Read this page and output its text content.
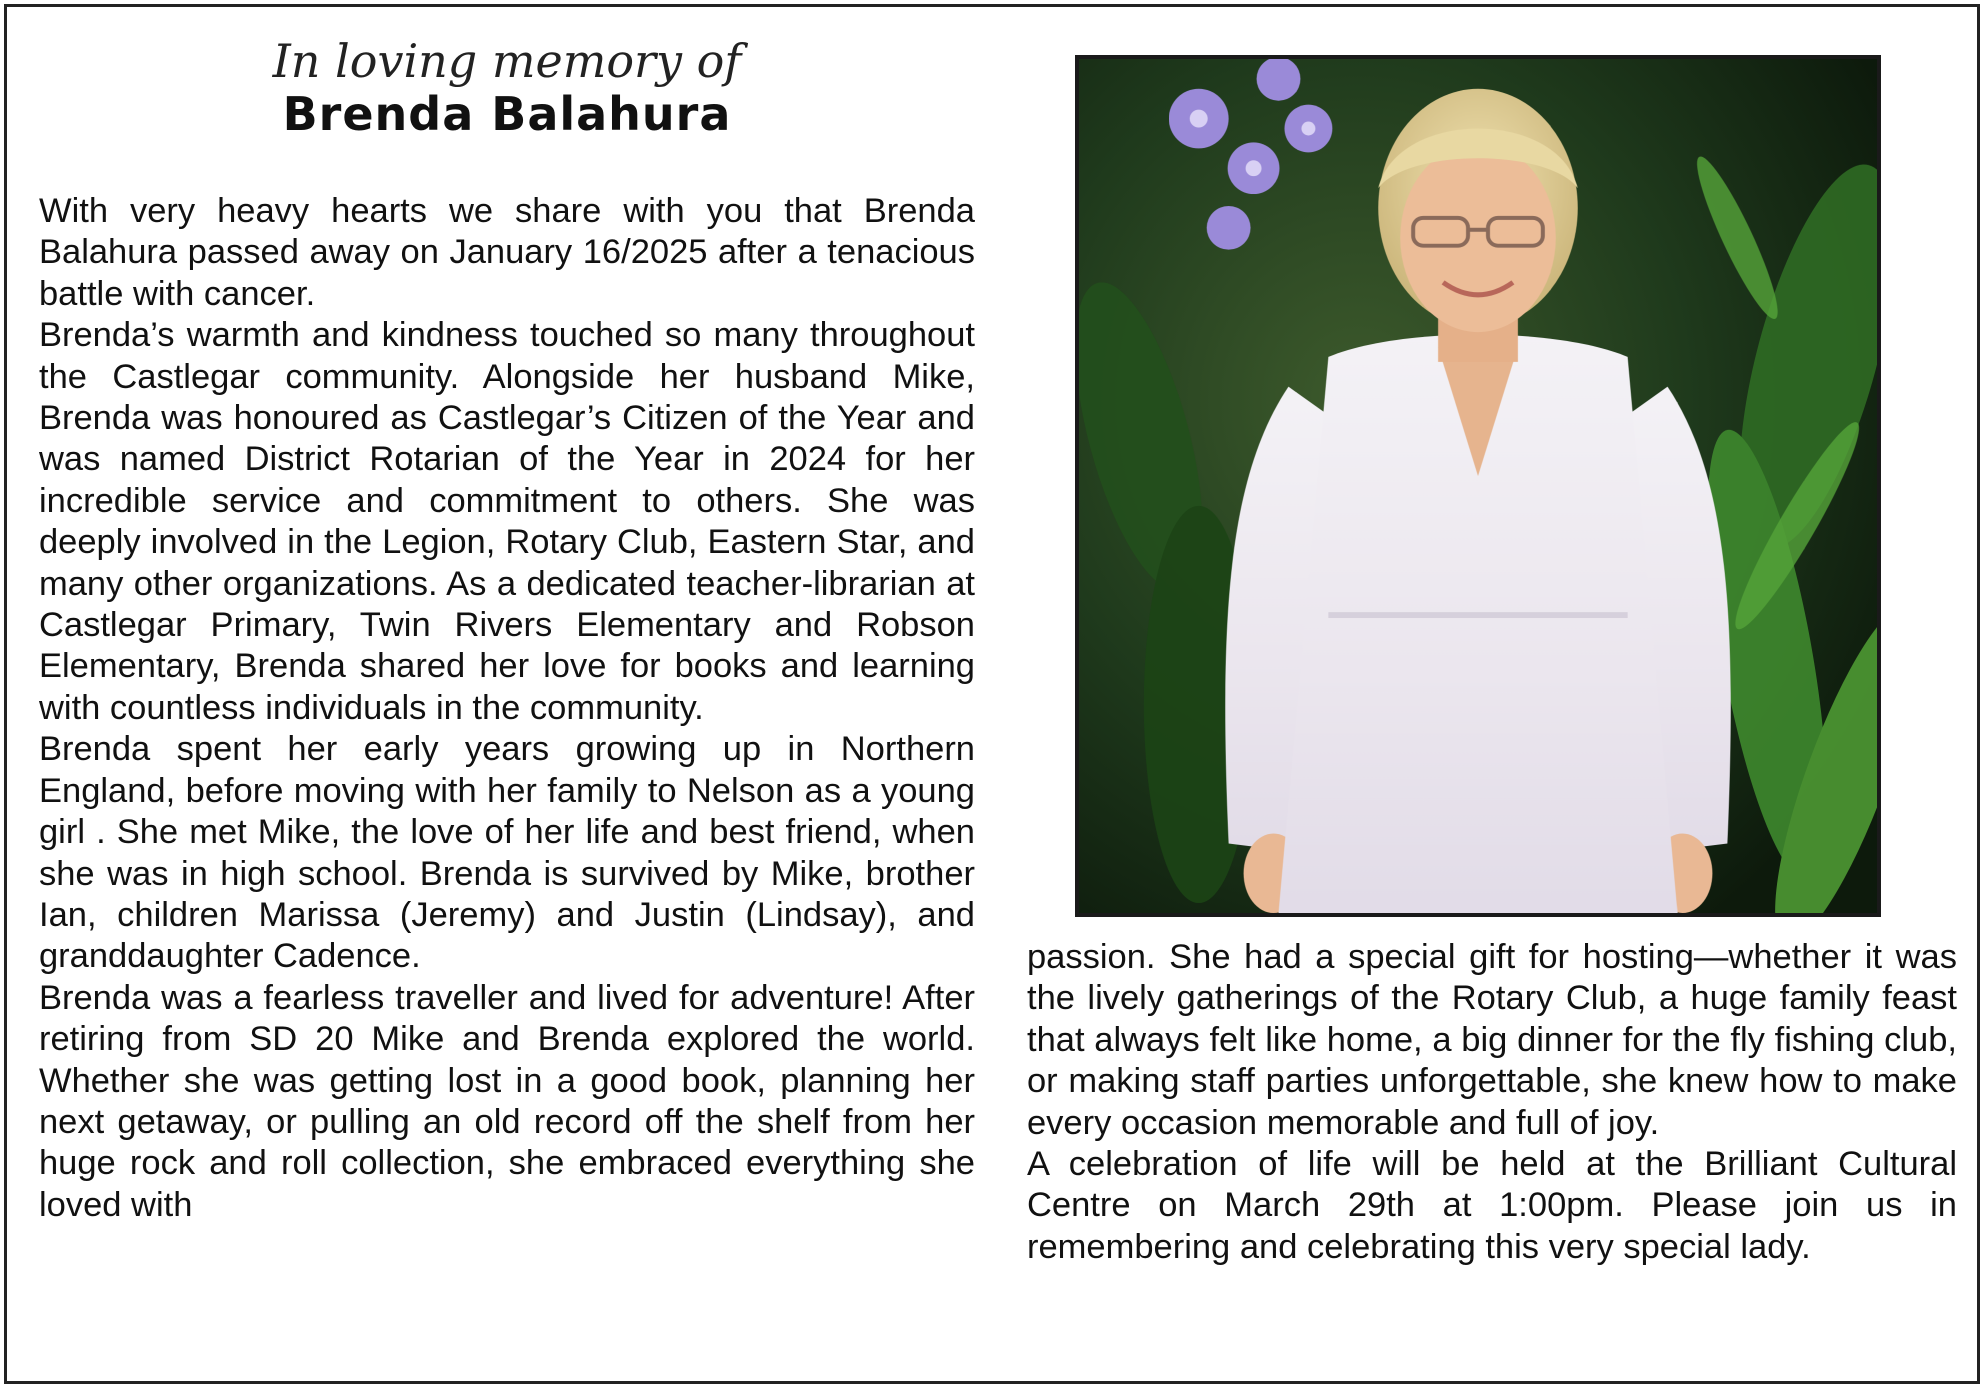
In loving memory of
Brenda Balahura

With very heavy hearts we share with you that Brenda Balahura passed away on January 16/2025 after a tenacious battle with cancer.

Brenda’s warmth and kindness touched so many throughout the Castlegar community. Alongside her husband Mike, Brenda was honoured as Castlegar’s Citizen of the Year and was named District Rotarian of the Year in 2024 for her incredible service and commitment to others. She was deeply involved in the Legion, Rotary Club, Eastern Star, and many other organizations. As a dedicated teacher-librarian at Castlegar Primary, Twin Rivers Elementary and Robson Elementary, Brenda shared her love for books and learning with countless individuals in the community.

Brenda spent her early years growing up in Northern England, before moving with her family to Nelson as a young girl . She met Mike, the love of her life and best friend, when she was in high school. Brenda is survived by Mike, brother Ian, children Marissa (Jeremy) and Justin (Lindsay), and granddaughter Cadence.

Brenda was a fearless traveller and lived for adventure! After retiring from SD 20 Mike and Brenda explored the world. Whether she was getting lost in a good book, planning her next getaway, or pulling an old record off the shelf from her huge rock and roll collection, she embraced everything she loved with

passion. She had a special gift for hosting—whether it was the lively gatherings of the Rotary Club, a huge family feast that always felt like home, a big dinner for the fly fishing club, or making staff parties unforgettable, she knew how to make every occasion memorable and full of joy.

A celebration of life will be held at the Brilliant Cultural Centre on March 29th at 1:00pm. Please join us in remembering and celebrating this very special lady.
